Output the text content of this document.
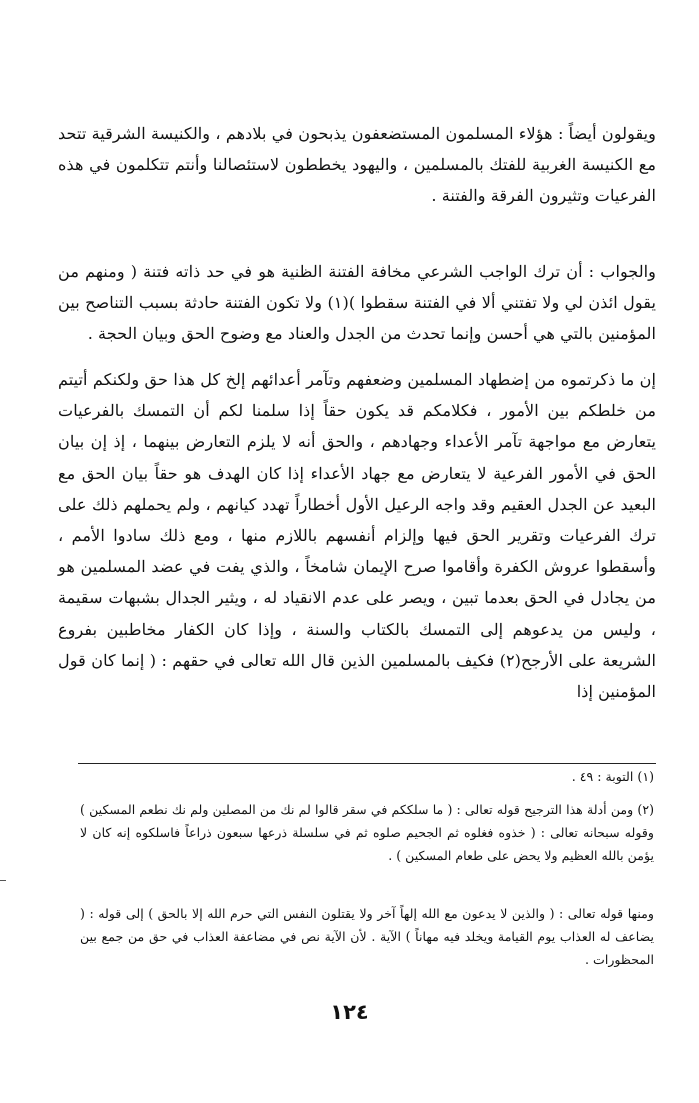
ويقولون أيضاً : هؤلاء المسلمون المستضعفون يذبحون في بلادهم ، والكنيسة الشرقية تتحد مع الكنيسة الغربية للفتك بالمسلمين ، واليهود يخططون لاستئصالنا وأنتم تتكلمون في هذه الفرعيات وتثيرون الفرقة والفتنة .

والجواب : أن ترك الواجب الشرعي مخافة الفتنة الظنية هو في حد ذاته فتنة ( ومنهم من يقول ائذن لي ولا تفتني ألا في الفتنة سقطوا )(١) ولا تكون الفتنة حادثة بسبب التناصح بين المؤمنين بالتي هي أحسن وإنما تحدث من الجدل والعناد مع وضوح الحق وبيان الحجة .

إن ما ذكرتموه من إضطهاد المسلمين وضعفهم وتآمر أعدائهم إلخ كل هذا حق ولكنكم أتيتم من خلطكم بين الأمور ، فكلامكم قد يكون حقاً إذا سلمنا لكم أن التمسك بالفرعيات يتعارض مع مواجهة تآمر الأعداء وجهادهم ، والحق أنه لا يلزم التعارض بينهما ، إذ إن بيان الحق في الأمور الفرعية لا يتعارض مع جهاد الأعداء إذا كان الهدف هو حقاً بيان الحق مع البعيد عن الجدل العقيم وقد واجه الرعيل الأول أخطاراً تهدد كيانهم ، ولم يحملهم ذلك على ترك الفرعيات وتقرير الحق فيها وإلزام أنفسهم باللازم منها ، ومع ذلك سادوا الأمم ، وأسقطوا عروش الكفرة وأقاموا صرح الإيمان شامخاً ، والذي يفت في عضد المسلمين هو من يجادل في الحق بعدما تبين ، ويصر على عدم الانقياد له ، ويثير الجدال بشبهات سقيمة ، وليس من يدعوهم إلى التمسك بالكتاب والسنة ، وإذا كان الكفار مخاطبين بفروع الشريعة على الأرجح(٢) فكيف بالمسلمين الذين قال الله تعالى في حقهم : ( إنما كان قول المؤمنين إذا

(١) التوبة : ٤٩ .

(٢) ومن أدلة هذا الترجيح قوله تعالى : ( ما سلككم في سقر قالوا لم نك من المصلين ولم نك نطعم المسكين ) وقوله سبحانه تعالى : ( خذوه فغلوه ثم الجحيم صلوه ثم في سلسلة ذرعها سبعون ذراعاً فاسلكوه إنه كان لا يؤمن بالله العظيم ولا يحض على طعام المسكين ) .

ومنها قوله تعالى : ( والذين لا يدعون مع الله إلهاً آخر ولا يقتلون النفس التي حرم الله إلا بالحق ) إلى قوله : ( يضاعف له العذاب يوم القيامة ويخلد فيه مهاناً ) الآية . لأن الآية نص في مضاعفة العذاب في حق من جمع بين المحظورات .

١٢٤
